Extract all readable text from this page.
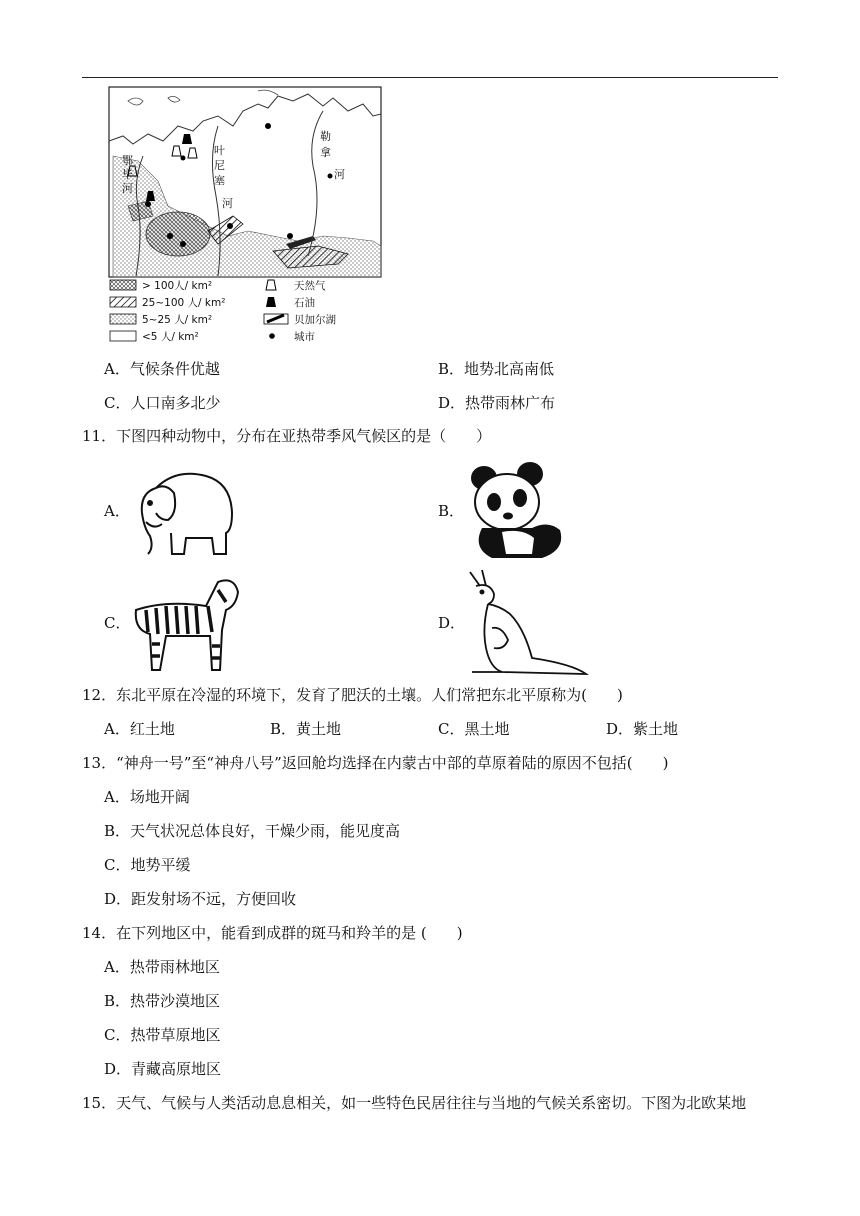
鄂
毕
河
叶
尼
塞
河
勒
拿
河
> 100人/ km²
25~100 人/ km²
5~25 人/ km²
<5 人/ km²
天然气
石油
贝加尔湖
城市
A．气候条件优越	B．地势北高南低
C．人口南多北少	D．热带雨林广布
11．下图四种动物中，分布在亚热带季风气候区的是（　　）
A．	B．
C．	D．
12．东北平原在冷湿的环境下，发育了肥沃的土壤。人们常把东北平原称为(　　)
A．红土地	B．黄土地	C．黑土地	D．紫土地
13．“神舟一号”至“神舟八号”返回舱均选择在内蒙古中部的草原着陆的原因不包括(　　)
A．场地开阔
B．天气状况总体良好，干燥少雨，能见度高
C．地势平缓
D．距发射场不远，方便回收
14．在下列地区中，能看到成群的斑马和羚羊的是 (　　)
A．热带雨林地区
B．热带沙漠地区
C．热带草原地区
D．青藏高原地区
15．天气、气候与人类活动息息相关，如一些特色民居往往与当地的气候关系密切。下图为北欧某地
